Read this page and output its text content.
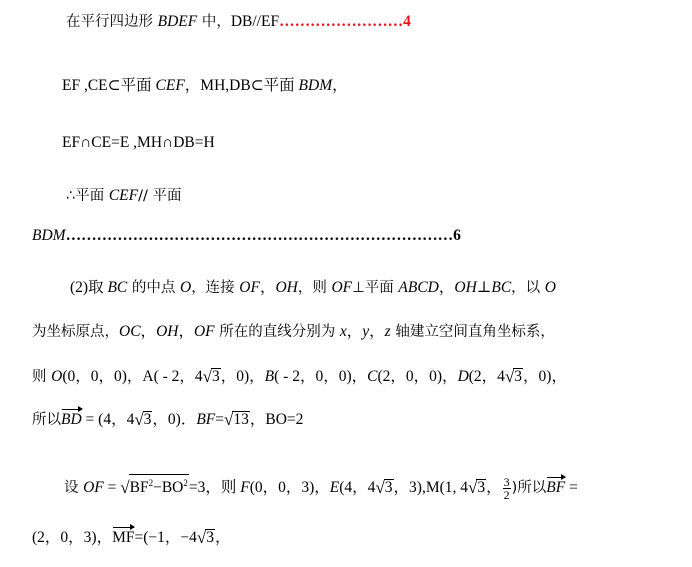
在平行四边形 BDEF 中，DB//EF……………………4
EF ,CE⊂平面 CEF，MH,DB⊂平面 BDM，
EF∩CE=E ,MH∩DB=H
∴平面 CEF// 平面
BDM…………………………………………………………………6
(2)取 BC 的中点 O，连接 OF，OH，则 OF⊥平面 ABCD，OH⊥BC，以 O
为坐标原点，OC，OH，OF 所在的直线分别为 x，y，z 轴建立空间直角坐标系，
则 O(0，0，0)，A( - 2，4√3，0)，B( - 2，0，0)，C(2，0，0)，D(2，4√3，0)，
所以BD = (4，4√3，0)．BF=√13，BO=2
设 OF = $√BF^2-BO^2=3$，则 F(0，0，3)，E(4，4√3，3),M(1, 4√3， $\frac{3}{2}$ )所以BF =
(2，0，3)，MF=(−1，−4√3，
